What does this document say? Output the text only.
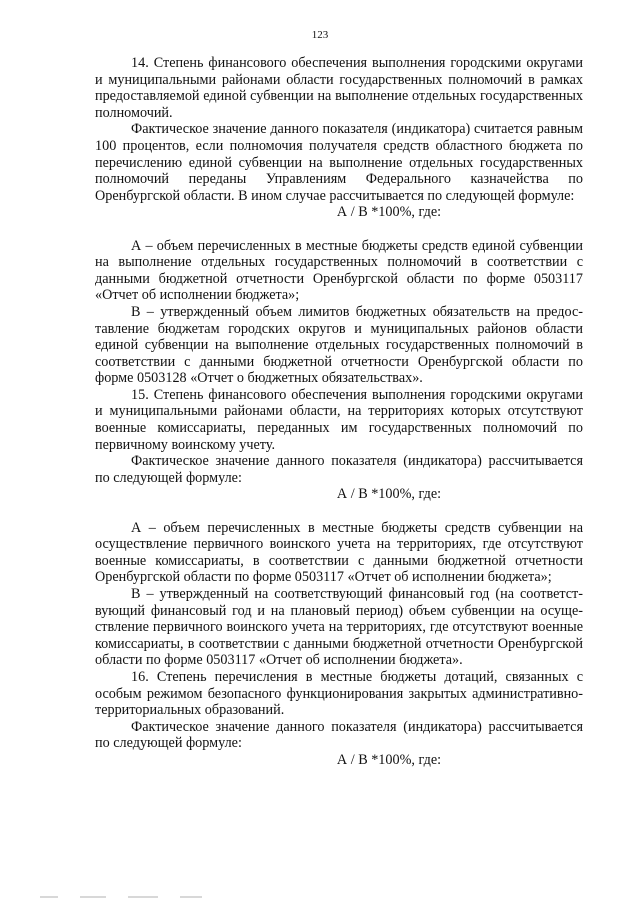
123

14. Степень финансового обеспечения выполнения городскими округами и муниципальными районами области государственных полномочий в рамках предоставляемой единой субвенции на выполнение отдельных государственных полномочий.

Фактическое значение данного показателя (индикатора) считается равным 100 процентов, если полномочия получателя средств областного бюджета по перечислению единой субвенции на выполнение отдельных государственных полномочий переданы Управлениям Федерального казначейства по Оренбургской области. В ином случае рассчитывается по следующей формуле:

А / В *100%, где:

А – объем перечисленных в местные бюджеты средств единой субвенции на выполнение отдельных государственных полномочий в соответствии с данными бюджетной отчетности Оренбургской области по форме 0503117 «Отчет об исполнении бюджета»;

В – утвержденный объем лимитов бюджетных обязательств на предоставление бюджетам городских округов и муниципальных районов области единой субвенции на выполнение отдельных государственных полномочий в соответствии с данными бюджетной отчетности Оренбургской области по форме 0503128 «Отчет о бюджетных обязательствах».

15. Степень финансового обеспечения выполнения городскими округами и муниципальными районами области, на территориях которых отсутствуют военные комиссариаты, переданных им государственных полномочий по первичному воинскому учету.

Фактическое значение данного показателя (индикатора) рассчитывается по следующей формуле:

А / В *100%, где:

А – объем перечисленных в местные бюджеты средств субвенции на осуществление первичного воинского учета на территориях, где отсутствуют военные комиссариаты, в соответствии с данными бюджетной отчетности Оренбургской области по форме 0503117 «Отчет об исполнении бюджета»;

В – утвержденный на соответствующий финансовый год (на соответствующий финансовый год и на плановый период) объем субвенции на осуществление первичного воинского учета на территориях, где отсутствуют военные комиссариаты, в соответствии с данными бюджетной отчетности Оренбургской области по форме 0503117 «Отчет об исполнении бюджета».

16. Степень перечисления в местные бюджеты дотаций, связанных с особым режимом безопасного функционирования закрытых административно-территориальных образований.

Фактическое значение данного показателя (индикатора) рассчитывается по следующей формуле:

А / В *100%, где:
